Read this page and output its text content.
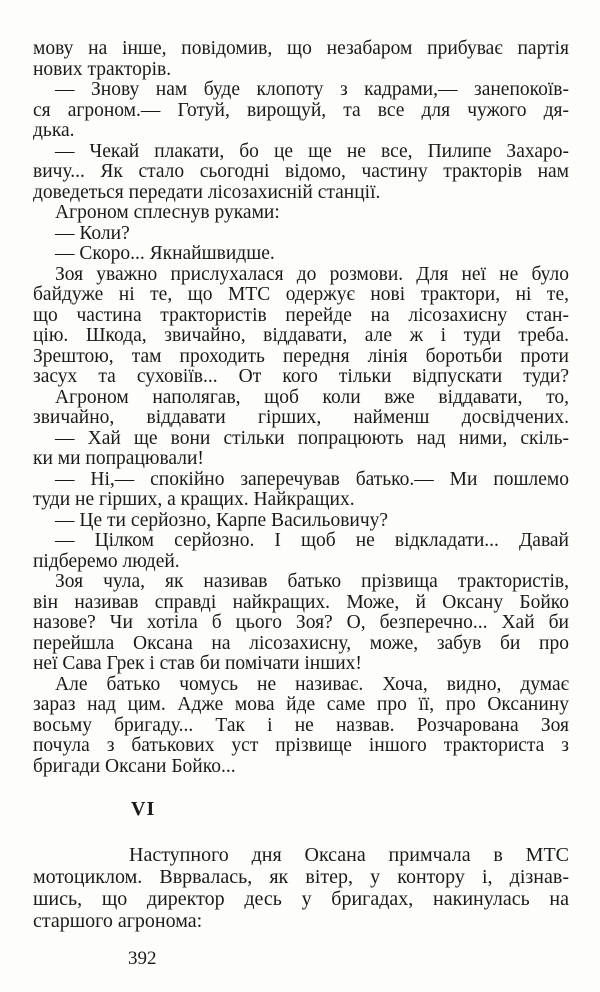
мову на інше, повідомив, що незабаром прибуває партія
нових тракторів.
— Знову нам буде клопоту з кадрами,— занепокоїв-
ся агроном.— Готуй, вирощуй, та все для чужого дя-
дька.
— Чекай плакати, бо це ще не все, Пилипе Захаро-
вичу... Як стало сьогодні відомо, частину тракторів нам
доведеться передати лісозахисній станції.
Агроном сплеснув руками:
— Коли?
— Скоро... Якнайшвидше.
Зоя уважно прислухалася до розмови. Для неї не було
байдуже ні те, що МТС одержує нові трактори, ні те,
що частина трактористів перейде на лісозахисну стан-
цію. Шкода, звичайно, віддавати, але ж і туди треба.
Зрештою, там проходить передня лінія боротьби проти
засух та суховіїв... От кого тільки відпускати туди?
Агроном наполягав, щоб коли вже віддавати, то,
звичайно, віддавати гірших, найменш досвідчених.
— Хай ще вони стільки попрацюють над ними, скіль-
ки ми попрацювали!
— Ні,— спокійно заперечував батько.— Ми пошлемо
туди не гірших, а кращих. Найкращих.
— Це ти серйозно, Карпе Васильовичу?
— Цілком серйозно. І щоб не відкладати... Давай
підберемо людей.
Зоя чула, як називав батько прізвища трактористів,
він називав справді найкращих. Може, й Оксану Бойко
назове? Чи хотіла б цього Зоя? О, безперечно... Хай би
перейшла Оксана на лісозахисну, може, забув би про
неї Сава Грек і став би помічати інших!
Але батько чомусь не називає. Хоча, видно, думає
зараз над цим. Адже мова йде саме про її, про Оксанину
восьму бригаду... Так і не назвав. Розчарована Зоя
почула з батькових уст прізвище іншого тракториста з
бригади Оксани Бойко...
VI
Наступного дня Оксана примчала в МТС
мотоциклом. Вврвалась, як вітер, у контору і, дізнав-
шись, що директор десь у бригадах, накинулась на
старшого агронома:
392
